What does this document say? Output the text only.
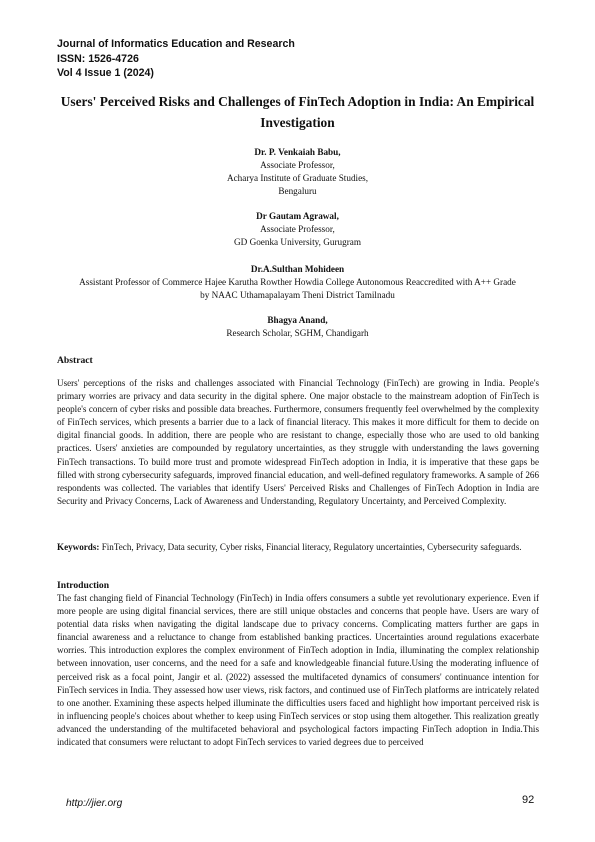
Journal of Informatics Education and Research
ISSN: 1526-4726
Vol 4 Issue 1 (2024)
Users' Perceived Risks and Challenges of FinTech Adoption in India: An Empirical Investigation
Dr. P. Venkaiah Babu,
Associate Professor,
Acharya Institute of Graduate Studies,
Bengaluru
Dr Gautam Agrawal,
Associate Professor,
GD Goenka University, Gurugram
Dr.A.Sulthan Mohideen
Assistant Professor of Commerce Hajee Karutha Rowther Howdia College Autonomous Reaccredited with A++ Grade
by NAAC Uthamapalayam Theni District Tamilnadu
Bhagya Anand,
Research Scholar, SGHM, Chandigarh
Abstract
Users' perceptions of the risks and challenges associated with Financial Technology (FinTech) are growing in India. People's primary worries are privacy and data security in the digital sphere. One major obstacle to the mainstream adoption of FinTech is people's concern of cyber risks and possible data breaches. Furthermore, consumers frequently feel overwhelmed by the complexity of FinTech services, which presents a barrier due to a lack of financial literacy. This makes it more difficult for them to decide on digital financial goods. In addition, there are people who are resistant to change, especially those who are used to old banking practices. Users' anxieties are compounded by regulatory uncertainties, as they struggle with understanding the laws governing FinTech transactions. To build more trust and promote widespread FinTech adoption in India, it is imperative that these gaps be filled with strong cybersecurity safeguards, improved financial education, and well-defined regulatory frameworks. A sample of 266 respondents was collected. The variables that identify Users' Perceived Risks and Challenges of FinTech Adoption in India are Security and Privacy Concerns, Lack of Awareness and Understanding, Regulatory Uncertainty, and Perceived Complexity.
Keywords: FinTech, Privacy, Data security, Cyber risks, Financial literacy, Regulatory uncertainties, Cybersecurity safeguards.
Introduction
The fast changing field of Financial Technology (FinTech) in India offers consumers a subtle yet revolutionary experience. Even if more people are using digital financial services, there are still unique obstacles and concerns that people have. Users are wary of potential data risks when navigating the digital landscape due to privacy concerns. Complicating matters further are gaps in financial awareness and a reluctance to change from established banking practices. Uncertainties around regulations exacerbate worries. This introduction explores the complex environment of FinTech adoption in India, illuminating the complex relationship between innovation, user concerns, and the need for a safe and knowledgeable financial future.Using the moderating influence of perceived risk as a focal point, Jangir et al. (2022) assessed the multifaceted dynamics of consumers' continuance intention for FinTech services in India. They assessed how user views, risk factors, and continued use of FinTech platforms are intricately related to one another. Examining these aspects helped illuminate the difficulties users faced and highlight how important perceived risk is in influencing people's choices about whether to keep using FinTech services or stop using them altogether. This realization greatly advanced the understanding of the multifaceted behavioral and psychological factors impacting FinTech adoption in India.This indicated that consumers were reluctant to adopt FinTech services to varied degrees due to perceived
http://jier.org	92
